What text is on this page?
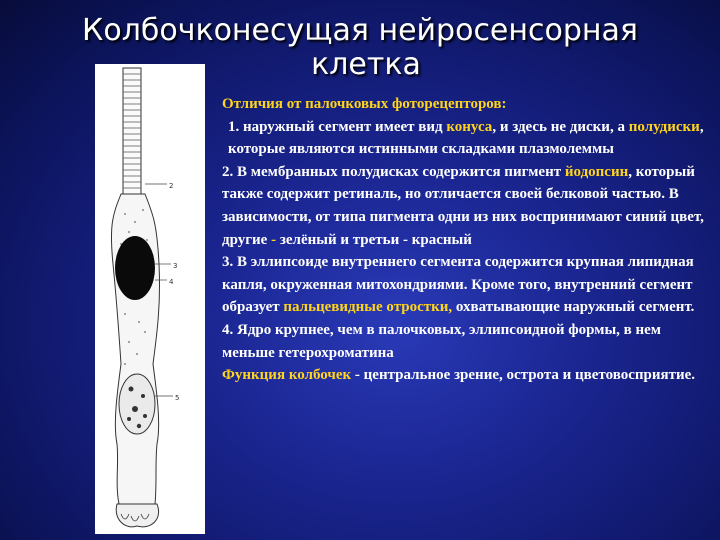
Колбочконесущая нейросенсорная
клетка
2
3
4
5

Отличия от палочковых фоторецепторов:

1. наружный сегмент имеет вид конуса, и здесь не диски, а полудиски, которые являются истинными складками плазмолеммы

2. В мембранных полудисках содержится пигмент йодопсин, который также содержит ретиналь, но отличается своей белковой частью. В зависимости, от типа пигмента одни из них воспринимают синий цвет, другие - зелёный и третьи - красный

3. В эллипсоиде внутреннего сегмента содержится крупная липидная капля, окруженная митохондриями. Кроме того, внутренний сегмент образует пальцевидные отростки, охватывающие наружный сегмент.

4. Ядро крупнее, чем в палочковых, эллипсоидной формы, в нем меньше гетерохроматина

Функция колбочек - центральное зрение, острота и цветовосприятие.
